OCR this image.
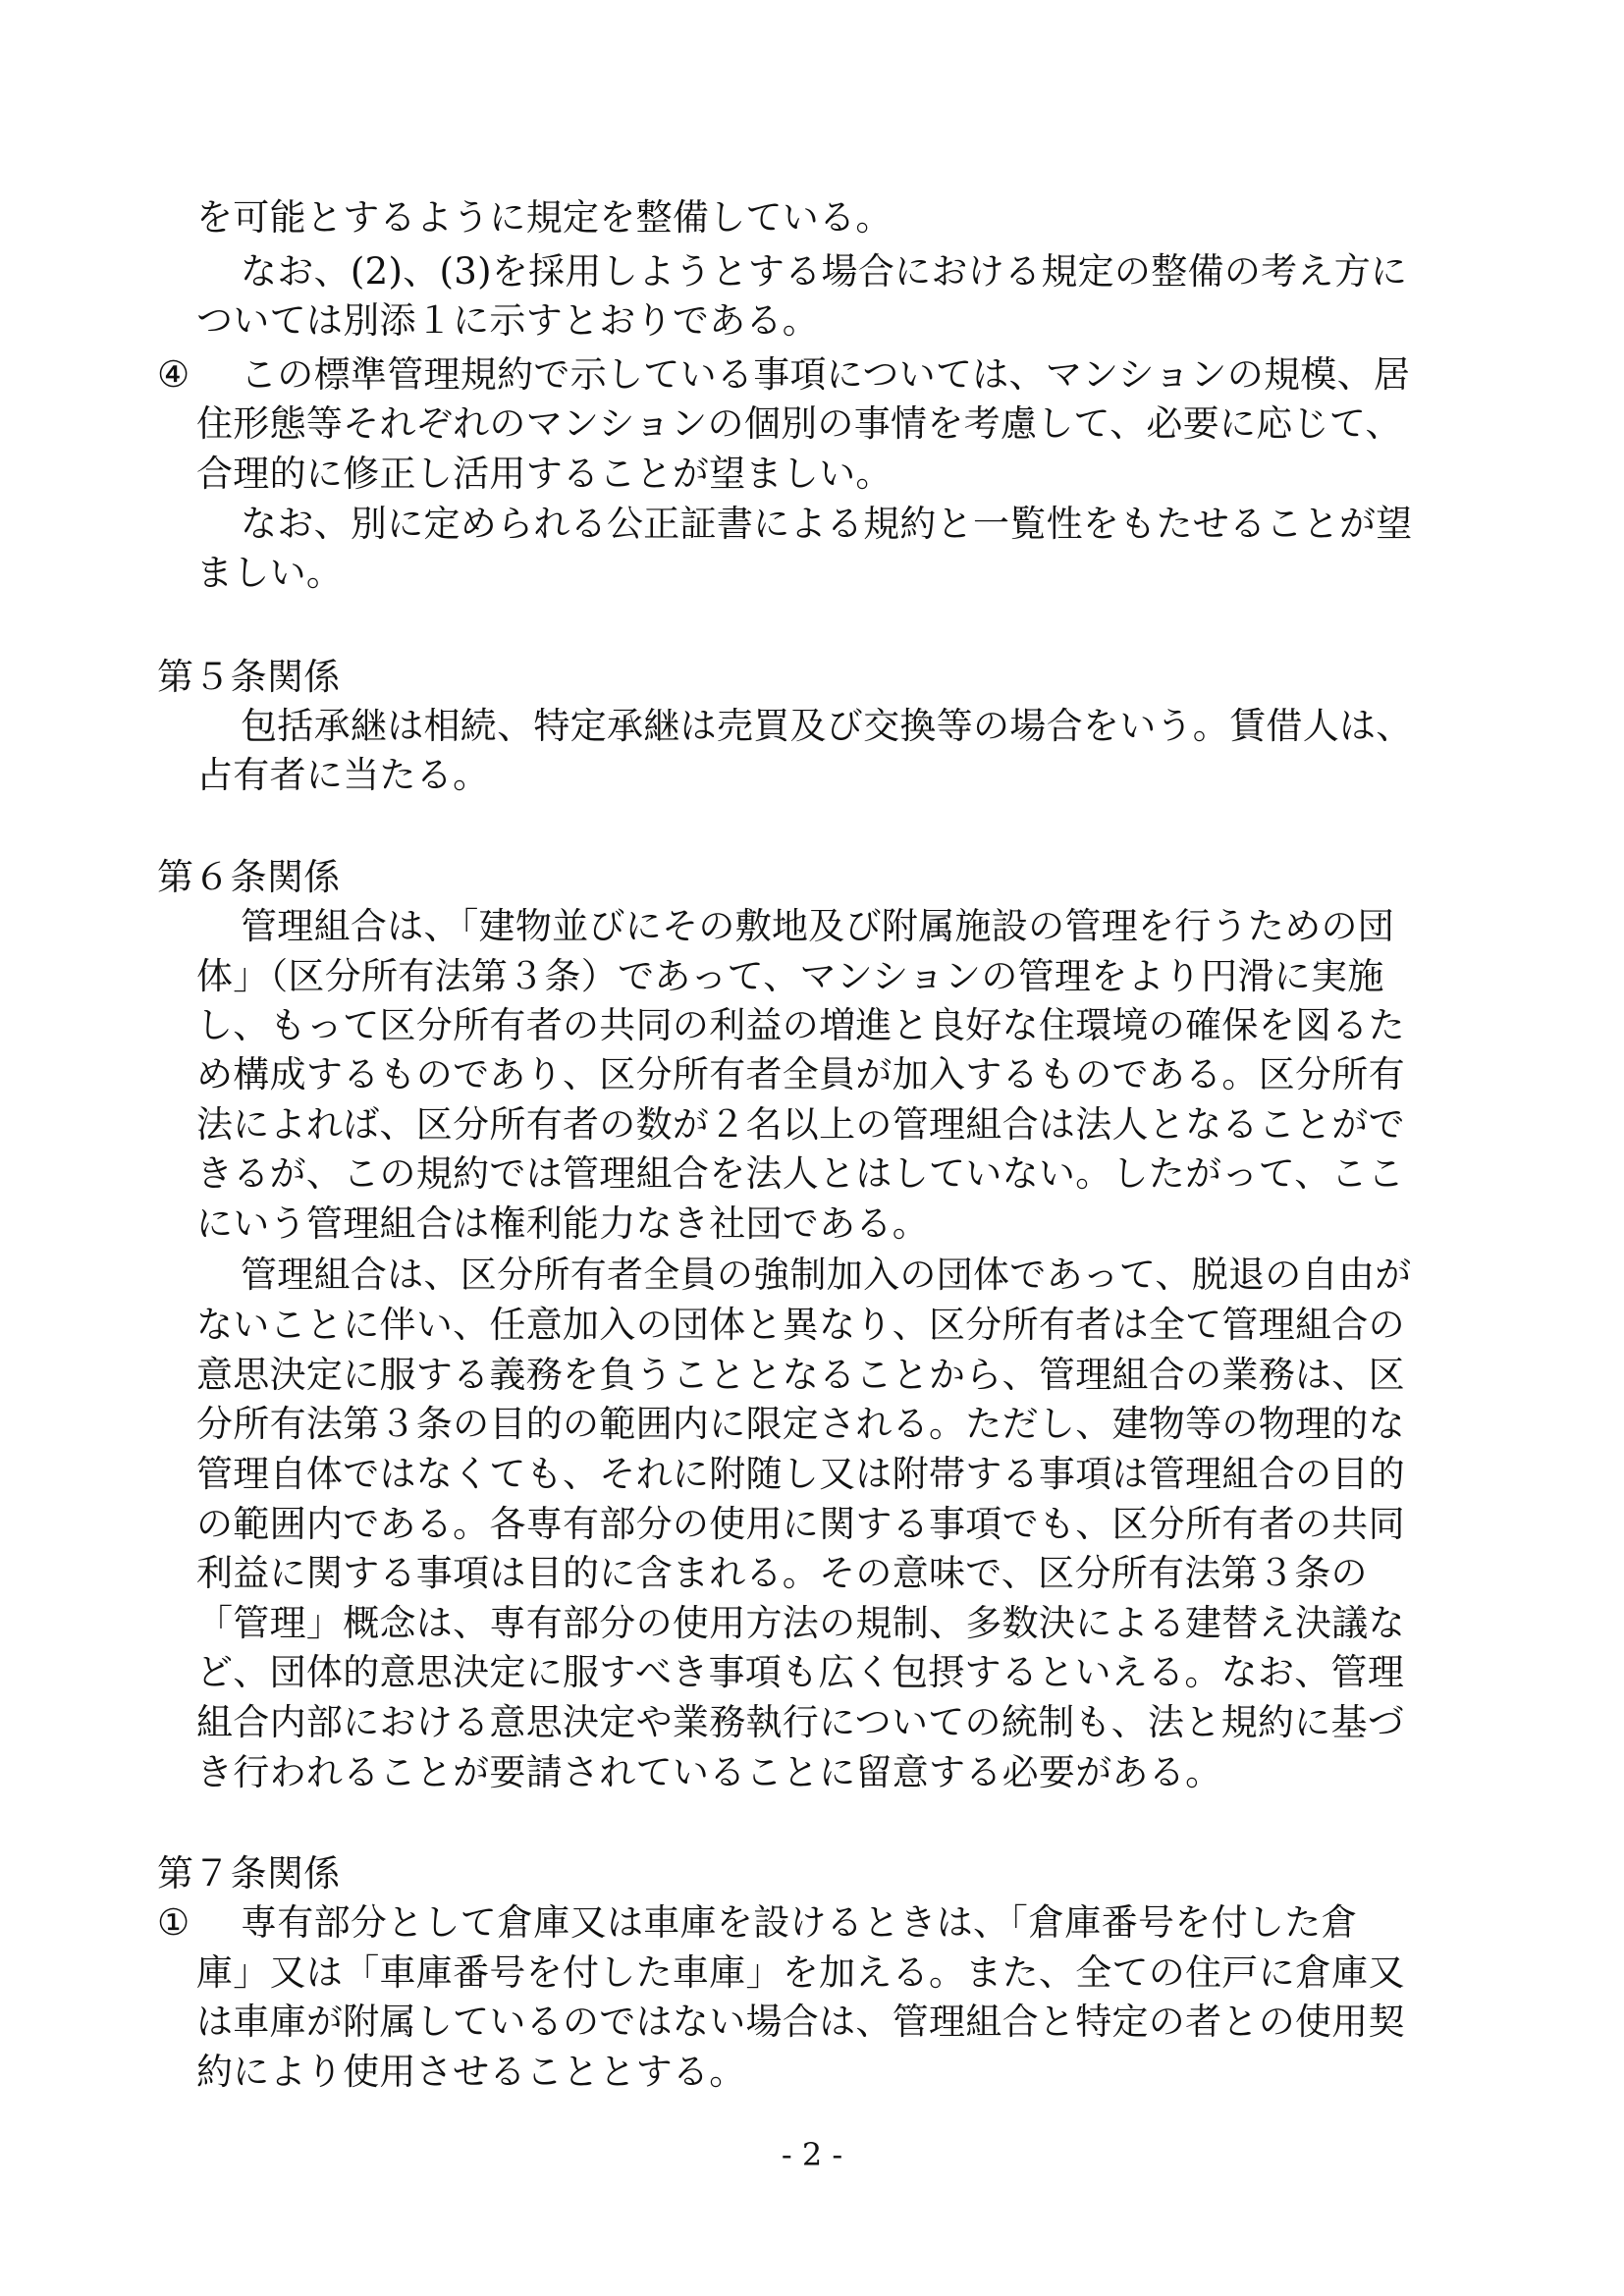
を可能とするように規定を整備している。
なお、(2)、(3)を採用しようとする場合における規定の整備の考え方に
ついては別添１に示すとおりである。
④ この標準管理規約で示している事項については、マンションの規模、居
住形態等それぞれのマンションの個別の事情を考慮して、必要に応じて、
合理的に修正し活用することが望ましい。
なお、別に定められる公正証書による規約と一覧性をもたせることが望
ましい。
第５条関係
包括承継は相続、特定承継は売買及び交換等の場合をいう。賃借人は、
占有者に当たる。
第６条関係
管理組合は、「建物並びにその敷地及び附属施設の管理を行うための団
体」（区分所有法第３条）であって、マンションの管理をより円滑に実施
し、もって区分所有者の共同の利益の増進と良好な住環境の確保を図るた
め構成するものであり、区分所有者全員が加入するものである。区分所有
法によれば、区分所有者の数が２名以上の管理組合は法人となることがで
きるが、この規約では管理組合を法人とはしていない。したがって、ここ
にいう管理組合は権利能力なき社団である。
管理組合は、区分所有者全員の強制加入の団体であって、脱退の自由が
ないことに伴い、任意加入の団体と異なり、区分所有者は全て管理組合の
意思決定に服する義務を負うこととなることから、管理組合の業務は、区
分所有法第３条の目的の範囲内に限定される。ただし、建物等の物理的な
管理自体ではなくても、それに附随し又は附帯する事項は管理組合の目的
の範囲内である。各専有部分の使用に関する事項でも、区分所有者の共同
利益に関する事項は目的に含まれる。その意味で、区分所有法第３条の
「管理」概念は、専有部分の使用方法の規制、多数決による建替え決議な
ど、団体的意思決定に服すべき事項も広く包摂するといえる。なお、管理
組合内部における意思決定や業務執行についての統制も、法と規約に基づ
き行われることが要請されていることに留意する必要がある。
第７条関係
① 専有部分として倉庫又は車庫を設けるときは、「倉庫番号を付した倉
庫」又は「車庫番号を付した車庫」を加える。また、全ての住戸に倉庫又
は車庫が附属しているのではない場合は、管理組合と特定の者との使用契
約により使用させることとする。
- 2 -
